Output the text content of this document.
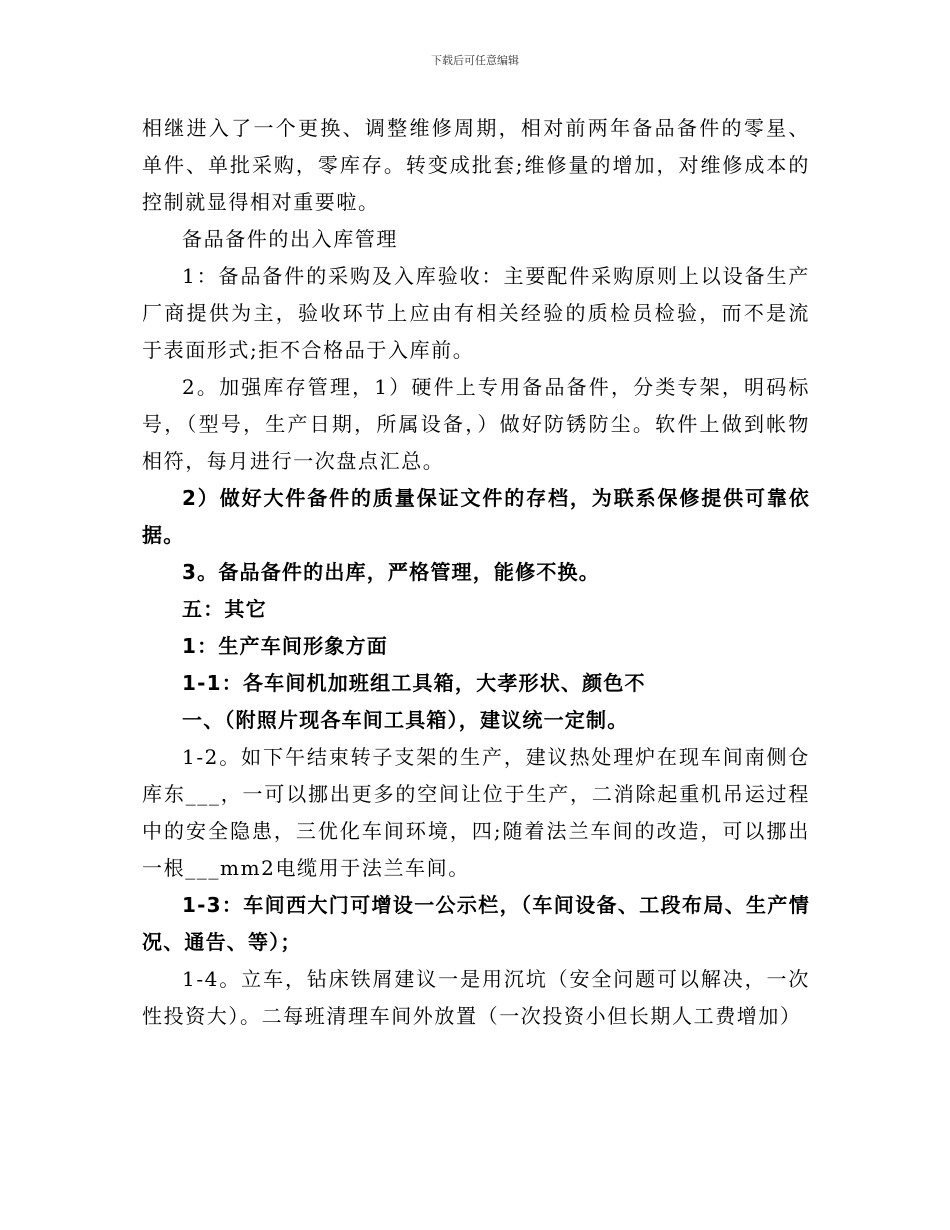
下载后可任意编辑

相继进入了一个更换、调整维修周期，相对前两年备品备件的零星、单件、单批采购，零库存。转变成批套;维修量的增加，对维修成本的控制就显得相对重要啦。

备品备件的出入库管理

1：备品备件的采购及入库验收：主要配件采购原则上以设备生产厂商提供为主，验收环节上应由有相关经验的质检员检验，而不是流于表面形式;拒不合格品于入库前。

2。加强库存管理，1）硬件上专用备品备件，分类专架，明码标号，（型号，生产日期，所属设备，）做好防锈防尘。软件上做到帐物相符，每月进行一次盘点汇总。

2）做好大件备件的质量保证文件的存档，为联系保修提供可靠依据。

3。备品备件的出库，严格管理，能修不换。

五：其它

1：生产车间形象方面

1-1：各车间机加班组工具箱，大孝形状、颜色不

一、（附照片现各车间工具箱），建议统一定制。

1-2。如下午结束转子支架的生产，建议热处理炉在现车间南侧仓库东___，一可以挪出更多的空间让位于生产，二消除起重机吊运过程中的安全隐患，三优化车间环境，四;随着法兰车间的改造，可以挪出一根___mm2电缆用于法兰车间。

1-3：车间西大门可增设一公示栏，（车间设备、工段布局、生产情况、通告、等）；

1-4。立车，钻床铁屑建议一是用沉坑（安全问题可以解决，一次性投资大）。二每班清理车间外放置（一次投资小但长期人工费增加）
